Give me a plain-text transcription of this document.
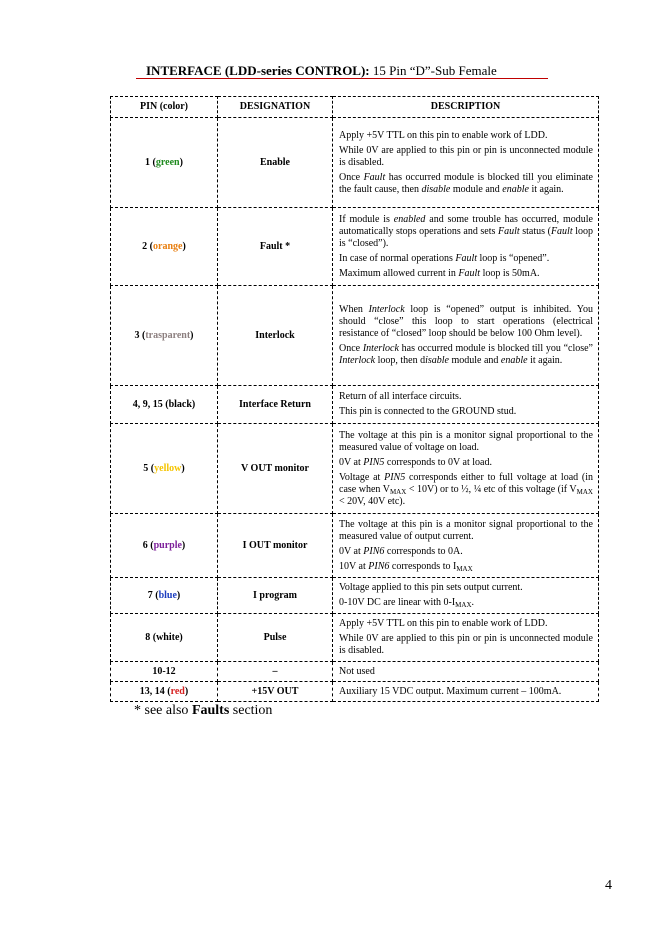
INTERFACE (LDD-series CONTROL): 15 Pin “D”-Sub Female
PIN (color)	DESIGNATION	DESCRIPTION
1 (green)	Enable	Apply +5V TTL on this pin to enable work of LDD.

While 0V are applied to this pin or pin is unconnected module is disabled.

Once Fault has occurred module is blocked till you eliminate the fault cause, then disable module and enable it again.

2 (orange)	Fault *	If module is enabled and some trouble has occurred, module automatically stops operations and sets Fault status (Fault loop is “closed”).

In case of normal operations Fault loop is “opened”.

Maximum allowed current in Fault loop is 50mA.

3 (trasparent)	Interlock	When Interlock loop is “opened” output is inhibited. You should “close” this loop to start operations (electrical resistance of “closed” loop should be below 100 Ohm level).

Once Interlock has occurred module is blocked till you “close” Interlock loop, then disable module and enable it again.

4, 9, 15 (black)	Interface Return	Return of all interface circuits.

This pin is connected to the GROUND stud.

5 (yellow)	V OUT monitor	The voltage at this pin is a monitor signal proportional to the measured value of voltage on load.

0V at PIN5 corresponds to 0V at load.

Voltage at PIN5 corresponds either to full voltage at load (in case when $V_{MAX} < 10V$) or to ½, ¼ etc of this voltage (if $V_{MAX} < 20V$, 40V etc).

6 (purple)	I OUT monitor	The voltage at this pin is a monitor signal proportional to the measured value of output current.

0V at PIN6 corresponds to 0A.

10V at PIN6 corresponds to $I_{MAX}$

7 (blue)	I program	Voltage applied to this pin sets output current.

0-10V DC are linear with $0-I_{MAX}$.

8 (white)	Pulse	Apply +5V TTL on this pin to enable work of LDD.

While 0V are applied to this pin or pin is unconnected module is disabled.

10-12	–	Not used

13, 14 (red)	+15V OUT	Auxiliary 15 VDC output. Maximum current – 100mA.

* see also Faults section
4
